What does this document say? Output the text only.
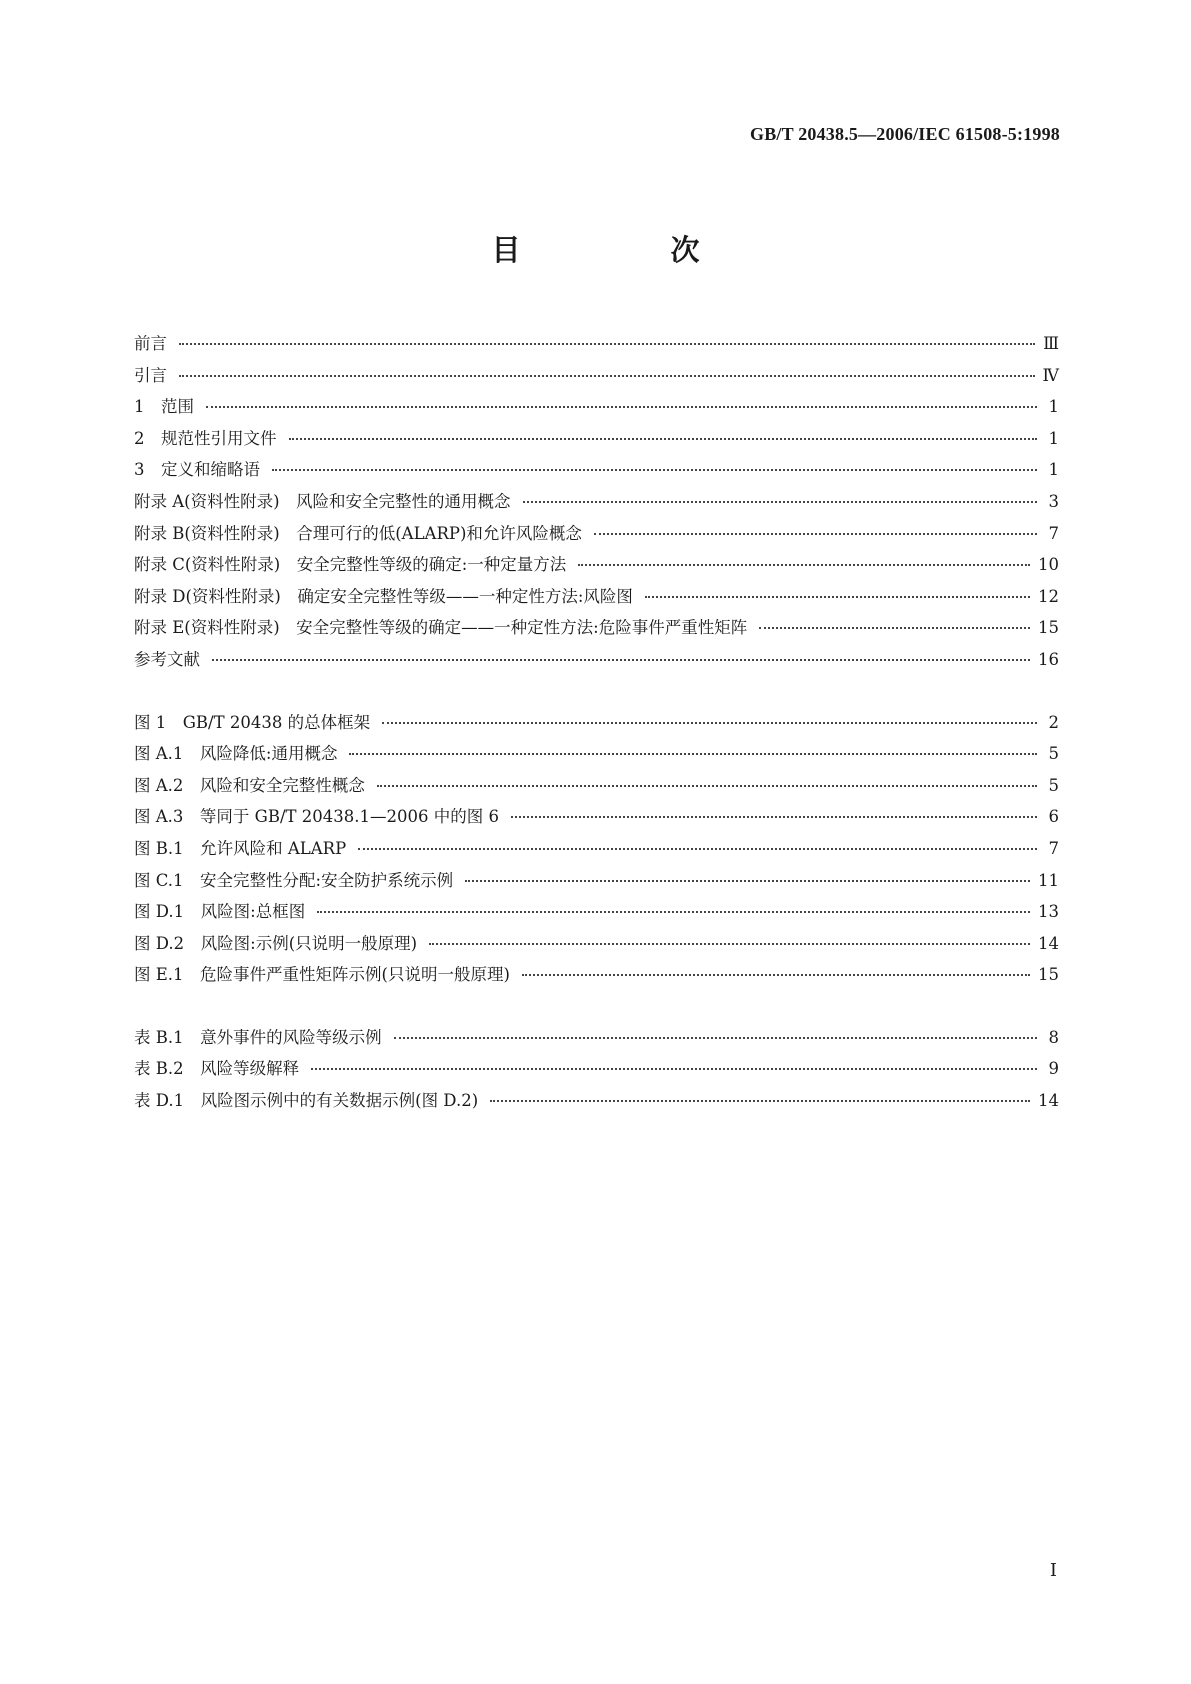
GB/T 20438.5—2006/IEC 61508-5:1998
目 次
前言	Ⅲ
引言	Ⅳ
1　范围	1
2　规范性引用文件	1
3　定义和缩略语	1
附录 A(资料性附录)　风险和安全完整性的通用概念	3
附录 B(资料性附录)　合理可行的低(ALARP)和允许风险概念	7
附录 C(资料性附录)　安全完整性等级的确定:一种定量方法	10
附录 D(资料性附录)　确定安全完整性等级——一种定性方法:风险图	12
附录 E(资料性附录)　安全完整性等级的确定——一种定性方法:危险事件严重性矩阵	15
参考文献	16
图 1　GB/T 20438 的总体框架	2
图 A.1　风险降低:通用概念	5
图 A.2　风险和安全完整性概念	5
图 A.3　等同于 GB/T 20438.1—2006 中的图 6	6
图 B.1　允许风险和 ALARP	7
图 C.1　安全完整性分配:安全防护系统示例	11
图 D.1　风险图:总框图	13
图 D.2　风险图:示例(只说明一般原理)	14
图 E.1　危险事件严重性矩阵示例(只说明一般原理)	15
表 B.1　意外事件的风险等级示例	8
表 B.2　风险等级解释	9
表 D.1　风险图示例中的有关数据示例(图 D.2)	14
Ⅰ
